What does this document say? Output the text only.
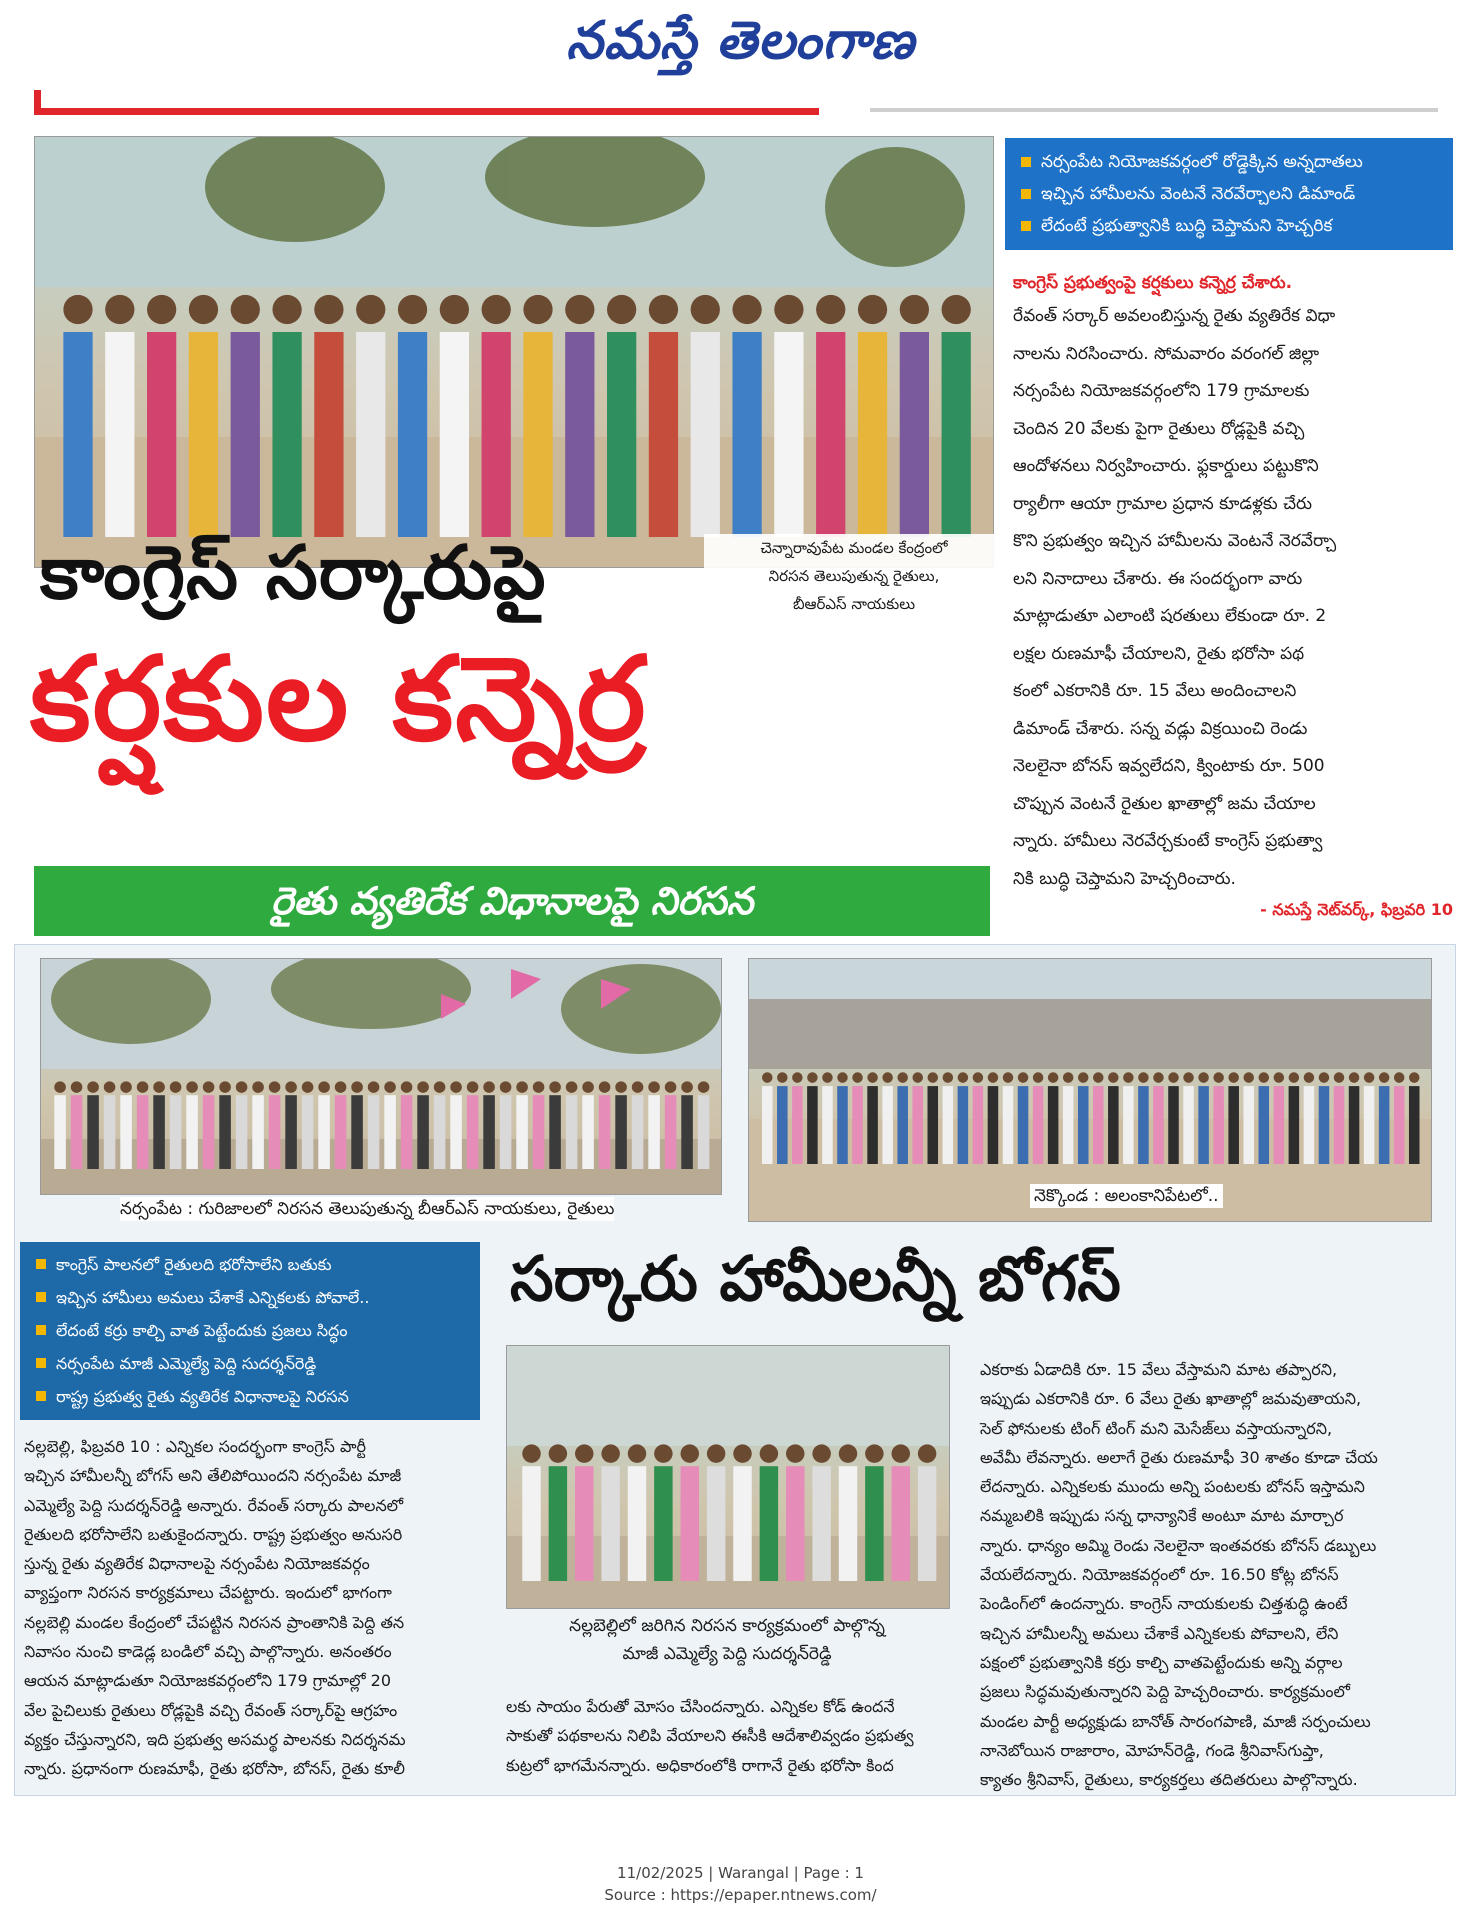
నమస్తే తెలంగాణ
చెన్నారావుపేట మండల కేంద్రంలో
నిరసన తెలుపుతున్న రైతులు,
బీఆర్ఎస్ నాయకులు
కాంగ్రెస్ సర్కారుపై
కర్షకుల కన్నెర్ర
రైతు వ్యతిరేక విధానాలపై నిరసన
నర్సంపేట నియోజకవర్గంలో రోడ్డెక్కిన అన్నదాతలు
ఇచ్చిన హామీలను వెంటనే నెరవేర్చాలని డిమాండ్
లేదంటే ప్రభుత్వానికి బుద్ధి చెప్తామని హెచ్చరిక
కాంగ్రెస్ ప్రభుత్వంపై కర్షకులు కన్నెర్ర చేశారు.
రేవంత్ సర్కార్ అవలంబిస్తున్న రైతు వ్యతిరేక విధా
నాలను నిరసించారు. సోమవారం వరంగల్ జిల్లా
నర్సంపేట నియోజకవర్గంలోని 179 గ్రామాలకు
చెందిన 20 వేలకు పైగా రైతులు రోడ్లపైకి వచ్చి
ఆందోళనలు నిర్వహించారు. ఫ్లకార్డులు పట్టుకొని
ర్యాలీగా ఆయా గ్రామాల ప్రధాన కూడళ్లకు చేరు
కొని ప్రభుత్వం ఇచ్చిన హామీలను వెంటనే నెరవేర్చా
లని నినాదాలు చేశారు. ఈ సందర్భంగా వారు
మాట్లాడుతూ ఎలాంటి షరతులు లేకుండా రూ. 2
లక్షల రుణమాఫీ చేయాలని, రైతు భరోసా పథ
కంలో ఎకరానికి రూ. 15 వేలు అందించాలని
డిమాండ్ చేశారు. సన్న వడ్లు విక్రయించి రెండు
నెలలైనా బోనస్ ఇవ్వలేదని, క్వింటాకు రూ. 500
చొప్పున వెంటనే రైతుల ఖాతాల్లో జమ చేయాల
న్నారు. హామీలు నెరవేర్చకుంటే కాంగ్రెస్ ప్రభుత్వా
నికి బుద్ధి చెప్తామని హెచ్చరించారు.
- నమస్తే నెట్‌వర్క్, ఫిబ్రవరి 10
నర్సంపేట : గురిజాలలో నిరసన తెలుపుతున్న బీఆర్ఎస్ నాయకులు, రైతులు
నెక్కొండ : అలంకానిపేటలో..
కాంగ్రెస్ పాలనలో రైతులది భరోసాలేని బతుకు
ఇచ్చిన హామీలు అమలు చేశాకే ఎన్నికలకు పోవాలే..
లేదంటే కర్రు కాల్చి వాత పెట్టేందుకు ప్రజలు సిద్ధం
నర్సంపేట మాజీ ఎమ్మెల్యే పెద్ది సుదర్శన్‌రెడ్డి
రాష్ట్ర ప్రభుత్వ రైతు వ్యతిరేక విధానాలపై నిరసన
సర్కారు హామీలన్నీ బోగస్
నల్లబెల్లిలో జరిగిన నిరసన కార్యక్రమంలో పాల్గొన్న
మాజీ ఎమ్మెల్యే పెద్ది సుదర్శన్‌రెడ్డి
నల్లబెల్లి, ఫిబ్రవరి 10 : ఎన్నికల సందర్భంగా కాంగ్రెస్ పార్టీ
ఇచ్చిన హామీలన్నీ బోగస్ అని తేలిపోయిందని నర్సంపేట మాజీ
ఎమ్మెల్యే పెద్ది సుదర్శన్‌రెడ్డి అన్నారు. రేవంత్ సర్కారు పాలనలో
రైతులది భరోసాలేని బతుకైందన్నారు. రాష్ట్ర ప్రభుత్వం అనుసరి
స్తున్న రైతు వ్యతిరేక విధానాలపై నర్సంపేట నియోజకవర్గం
వ్యాప్తంగా నిరసన కార్యక్రమాలు చేపట్టారు. ఇందులో భాగంగా
నల్లబెల్లి మండల కేంద్రంలో చేపట్టిన నిరసన ప్రాంతానికి పెద్ది తన
నివాసం నుంచి కాడెడ్ల బండిలో వచ్చి పాల్గొన్నారు. అనంతరం
ఆయన మాట్లాడుతూ నియోజకవర్గంలోని 179 గ్రామాల్లో 20
వేల పైచిలుకు రైతులు రోడ్లపైకి వచ్చి రేవంత్ సర్కార్‌పై ఆగ్రహం
వ్యక్తం చేస్తున్నారని, ఇది ప్రభుత్వ అసమర్థ పాలనకు నిదర్శనమ
న్నారు. ప్రధానంగా రుణమాఫీ, రైతు భరోసా, బోనస్, రైతు కూలీ
లకు సాయం పేరుతో మోసం చేసిందన్నారు. ఎన్నికల కోడ్ ఉందనే
సాకుతో పథకాలను నిలిపి వేయాలని ఈసీకి ఆదేశాలివ్వడం ప్రభుత్వ
కుట్రలో భాగమేనన్నారు. అధికారంలోకి రాగానే రైతు భరోసా కింద
ఎకరాకు ఏడాదికి రూ. 15 వేలు వేస్తామని మాట తప్పారని,
ఇప్పుడు ఎకరానికి రూ. 6 వేలు రైతు ఖాతాల్లో జమవుతాయని,
సెల్ ఫోనులకు టింగ్ టింగ్ మని మెసేజ్‌లు వస్తాయన్నారని,
అవేమీ లేవన్నారు. అలాగే రైతు రుణమాఫీ 30 శాతం కూడా చేయ
లేదన్నారు. ఎన్నికలకు ముందు అన్ని పంటలకు బోనస్ ఇస్తామని
నమ్మబలికి ఇప్పుడు సన్న ధాన్యానికే అంటూ మాట మార్చార
న్నారు. ధాన్యం అమ్మి రెండు నెలలైనా ఇంతవరకు బోనస్ డబ్బులు
వేయలేదన్నారు. నియోజకవర్గంలో రూ. 16.50 కోట్ల బోనస్
పెండింగ్‌లో ఉందన్నారు. కాంగ్రెస్ నాయకులకు చిత్తశుద్ధి ఉంటే
ఇచ్చిన హామీలన్నీ అమలు చేశాకే ఎన్నికలకు పోవాలని, లేని
పక్షంలో ప్రభుత్వానికి కర్రు కాల్చి వాతపెట్టేందుకు అన్ని వర్గాల
ప్రజలు సిద్ధమవుతున్నారని పెద్ది హెచ్చరించారు. కార్యక్రమంలో
మండల పార్టీ అధ్యక్షుడు బానోత్ సారంగపాణి, మాజీ సర్పంచులు
నానెబోయిన రాజారాం, మోహన్‌రెడ్డి, గండె శ్రీనివాస్‌గుప్తా,
క్యాతం శ్రీనివాస్, రైతులు, కార్యకర్తలు తదితరులు పాల్గొన్నారు.
11/02/2025 | Warangal | Page : 1
Source : https://epaper.ntnews.com/
